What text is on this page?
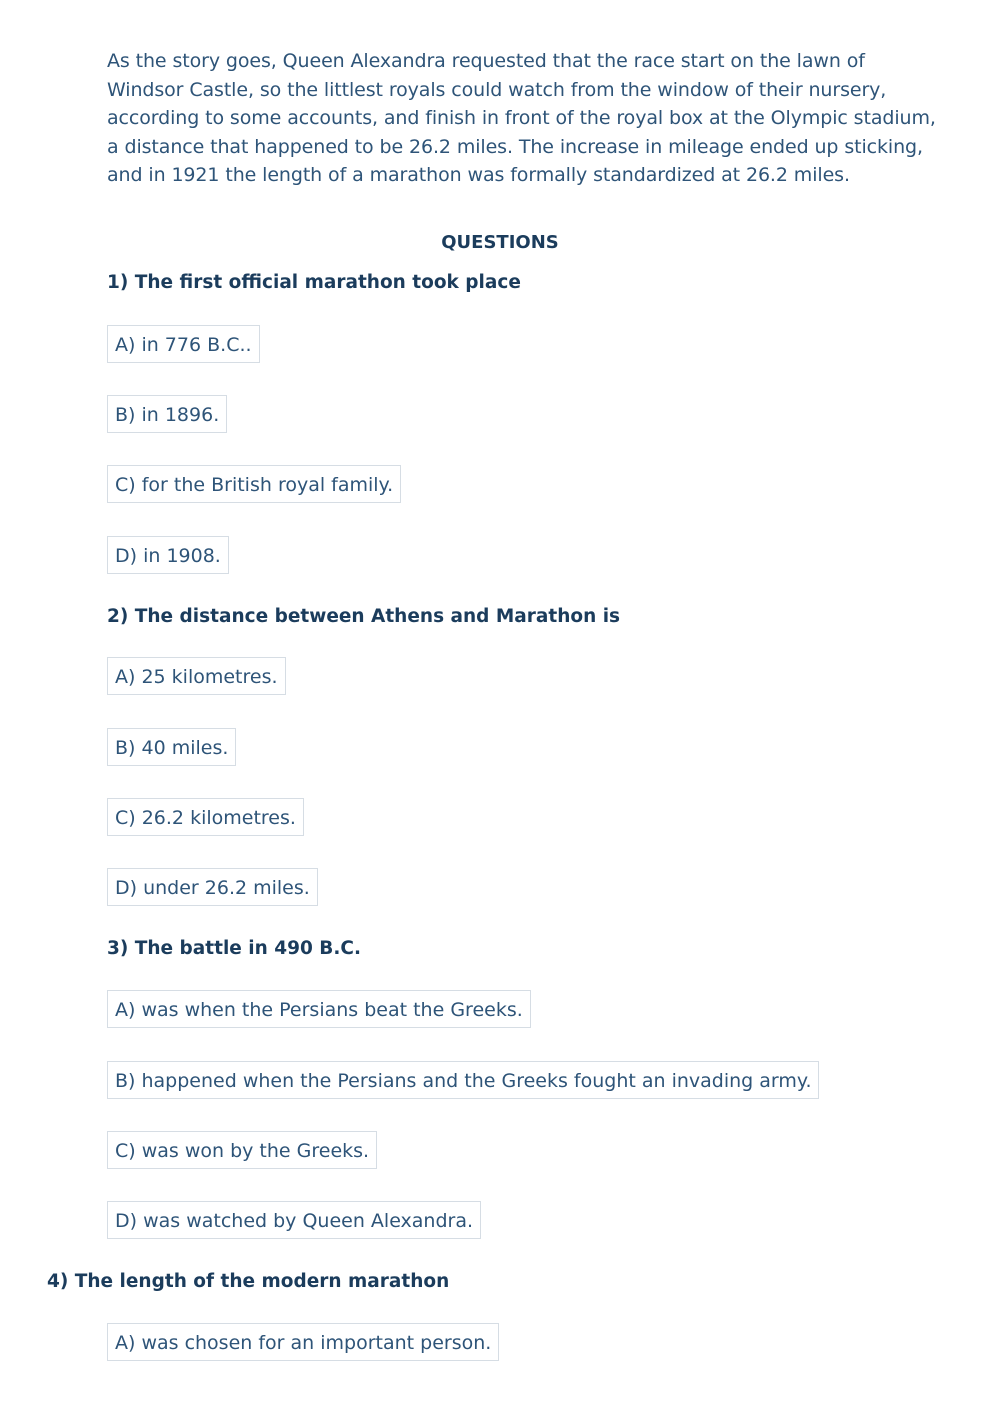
As the story goes, Queen Alexandra requested that the race start on the lawn of Windsor Castle, so the littlest royals could watch from the window of their nursery, according to some accounts, and finish in front of the royal box at the Olympic stadium, a distance that happened to be 26.2 miles. The increase in mileage ended up sticking, and in 1921 the length of a marathon was formally standardized at 26.2 miles.

QUESTIONS
1) The first official marathon took place
A) in 776 B.C..
B) in 1896.
C) for the British royal family.
D) in 1908.
2) The distance between Athens and Marathon is
A) 25 kilometres.
B) 40 miles.
C) 26.2 kilometres.
D) under 26.2 miles.
3) The battle in 490 B.C.
A) was when the Persians beat the Greeks.
B) happened when the Persians and the Greeks fought an invading army.
C) was won by the Greeks.
D) was watched by Queen Alexandra.
4) The length of the modern marathon
A) was chosen for an important person.
